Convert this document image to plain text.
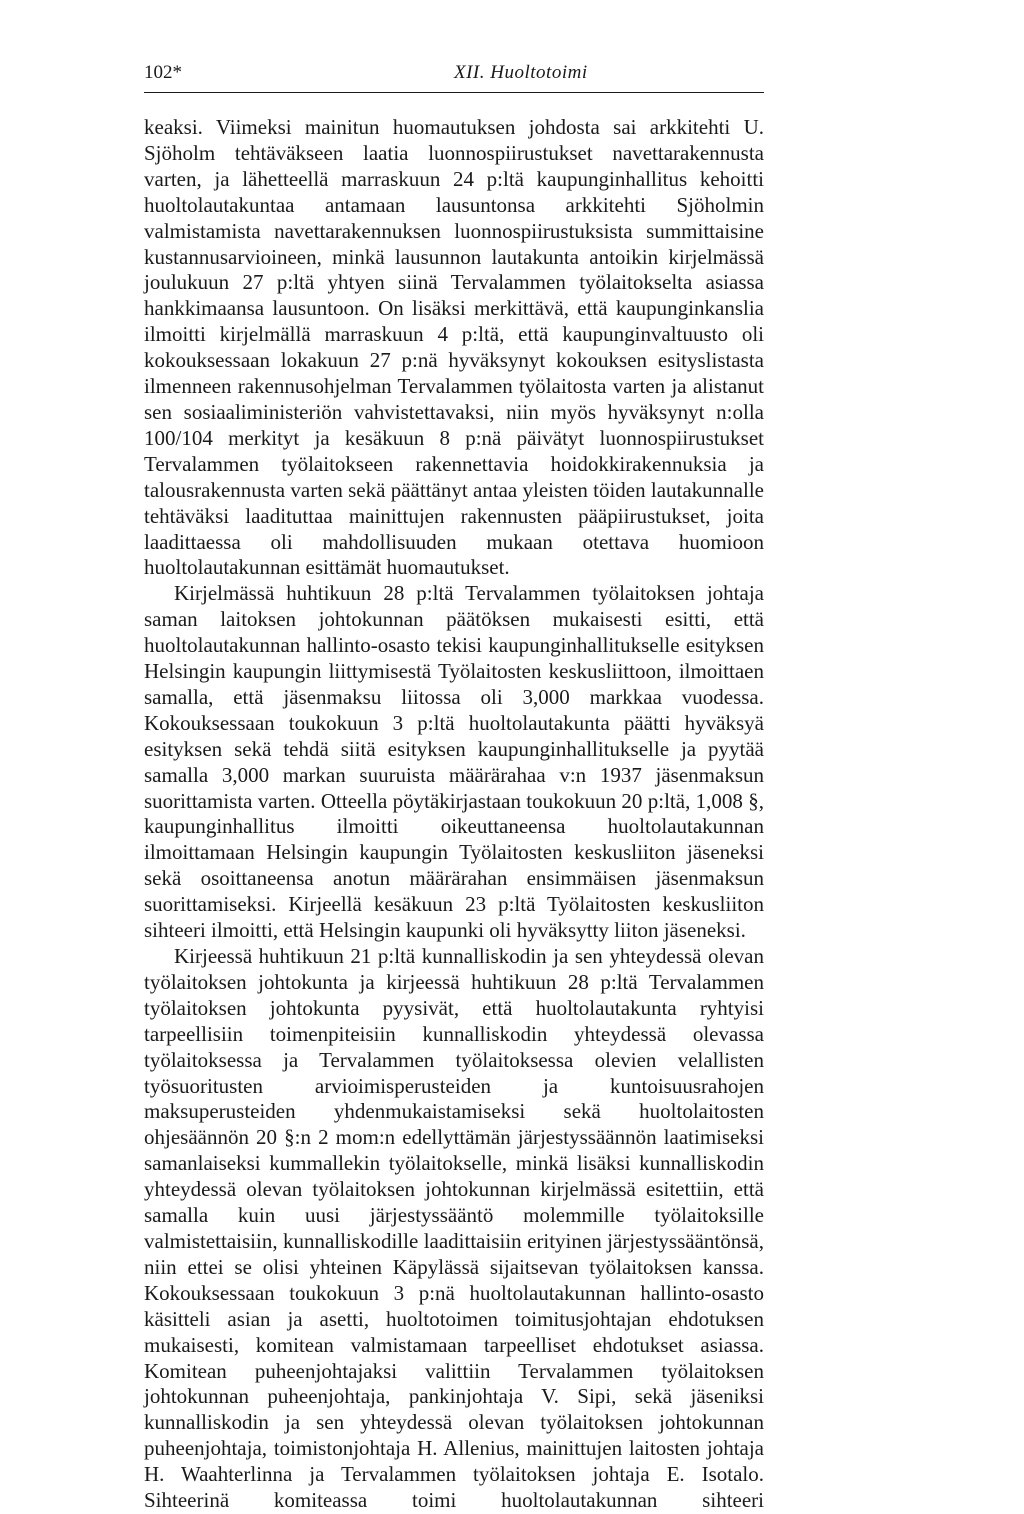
102*	XII. Huoltotoimi

keaksi. Viimeksi mainitun huomautuksen johdosta sai arkkitehti U. Sjöholm tehtäväkseen laatia luonnospiirustukset navettarakennusta varten, ja lähetteellä marraskuun 24 p:ltä kaupunginhallitus kehoitti huoltolautakuntaa antamaan lausuntonsa arkkitehti Sjöholmin valmistamista navettarakennuksen luonnospiirustuksista summittaisine kustannusarvioineen, minkä lausunnon lautakunta antoikin kirjelmässä joulukuun 27 p:ltä yhtyen siinä Tervalammen työlaitokselta asiassa hankkimaansa lausuntoon. On lisäksi merkittävä, että kaupunginkanslia ilmoitti kirjelmällä marraskuun 4 p:ltä, että kaupunginvaltuusto oli kokouksessaan lokakuun 27 p:nä hyväksynyt kokouksen esityslistasta ilmenneen rakennusohjelman Tervalammen työlaitosta varten ja alistanut sen sosiaaliministeriön vahvistettavaksi, niin myös hyväksynyt n:olla 100/104 merkityt ja kesäkuun 8 p:nä päivätyt luonnospiirustukset Tervalammen työlaitokseen rakennettavia hoidokkirakennuksia ja talousrakennusta varten sekä päättänyt antaa yleisten töiden lautakunnalle tehtäväksi laadituttaa mainittujen rakennusten pääpiirustukset, joita laadittaessa oli mahdollisuuden mukaan otettava huomioon huoltolautakunnan esittämät huomautukset.

Kirjelmässä huhtikuun 28 p:ltä Tervalammen työlaitoksen johtaja saman laitoksen johtokunnan päätöksen mukaisesti esitti, että huoltolautakunnan hallinto-osasto tekisi kaupunginhallitukselle esityksen Helsingin kaupungin liittymisestä Työlaitosten keskusliittoon, ilmoittaen samalla, että jäsenmaksu liitossa oli 3,000 markkaa vuodessa. Kokouksessaan toukokuun 3 p:ltä huoltolautakunta päätti hyväksyä esityksen sekä tehdä siitä esityksen kaupunginhallitukselle ja pyytää samalla 3,000 markan suuruista määrärahaa v:n 1937 jäsenmaksun suorittamista varten. Otteella pöytäkirjastaan toukokuun 20 p:ltä, 1,008 §, kaupunginhallitus ilmoitti oikeuttaneensa huoltolautakunnan ilmoittamaan Helsingin kaupungin Työlaitosten keskusliiton jäseneksi sekä osoittaneensa anotun määrärahan ensimmäisen jäsenmaksun suorittamiseksi. Kirjeellä kesäkuun 23 p:ltä Työlaitosten keskusliiton sihteeri ilmoitti, että Helsingin kaupunki oli hyväksytty liiton jäseneksi.

Kirjeessä huhtikuun 21 p:ltä kunnalliskodin ja sen yhteydessä olevan työlaitoksen johtokunta ja kirjeessä huhtikuun 28 p:ltä Tervalammen työlaitoksen johtokunta pyysivät, että huoltolautakunta ryhtyisi tarpeellisiin toimenpiteisiin kunnalliskodin yhteydessä olevassa työlaitoksessa ja Tervalammen työlaitoksessa olevien velallisten työsuoritusten arvioimisperusteiden ja kuntoisuusrahojen maksuperusteiden yhdenmukaistamiseksi sekä huoltolaitosten ohjesäännön 20 §:n 2 mom:n edellyttämän järjestyssäännön laatimiseksi samanlaiseksi kummallekin työlaitokselle, minkä lisäksi kunnalliskodin yhteydessä olevan työlaitoksen johtokunnan kirjelmässä esitettiin, että samalla kuin uusi järjestyssääntö molemmille työlaitoksille valmistettaisiin, kunnalliskodille laadittaisiin erityinen järjestyssääntönsä, niin ettei se olisi yhteinen Käpylässä sijaitsevan työlaitoksen kanssa. Kokouksessaan toukokuun 3 p:nä huoltolautakunnan hallinto-osasto käsitteli asian ja asetti, huoltotoimen toimitusjohtajan ehdotuksen mukaisesti, komitean valmistamaan tarpeelliset ehdotukset asiassa. Komitean puheenjohtajaksi valittiin Tervalammen työlaitoksen johtokunnan puheenjohtaja, pankinjohtaja V. Sipi, sekä jäseniksi kunnalliskodin ja sen yhteydessä olevan työlaitoksen johtokunnan puheenjohtaja, toimistonjohtaja H. Allenius, mainittujen laitosten johtaja H. Waahterlinna ja Tervalammen työlaitoksen johtaja E. Isotalo. Sihteerinä komiteassa toimi huoltolautakunnan sihteeri
